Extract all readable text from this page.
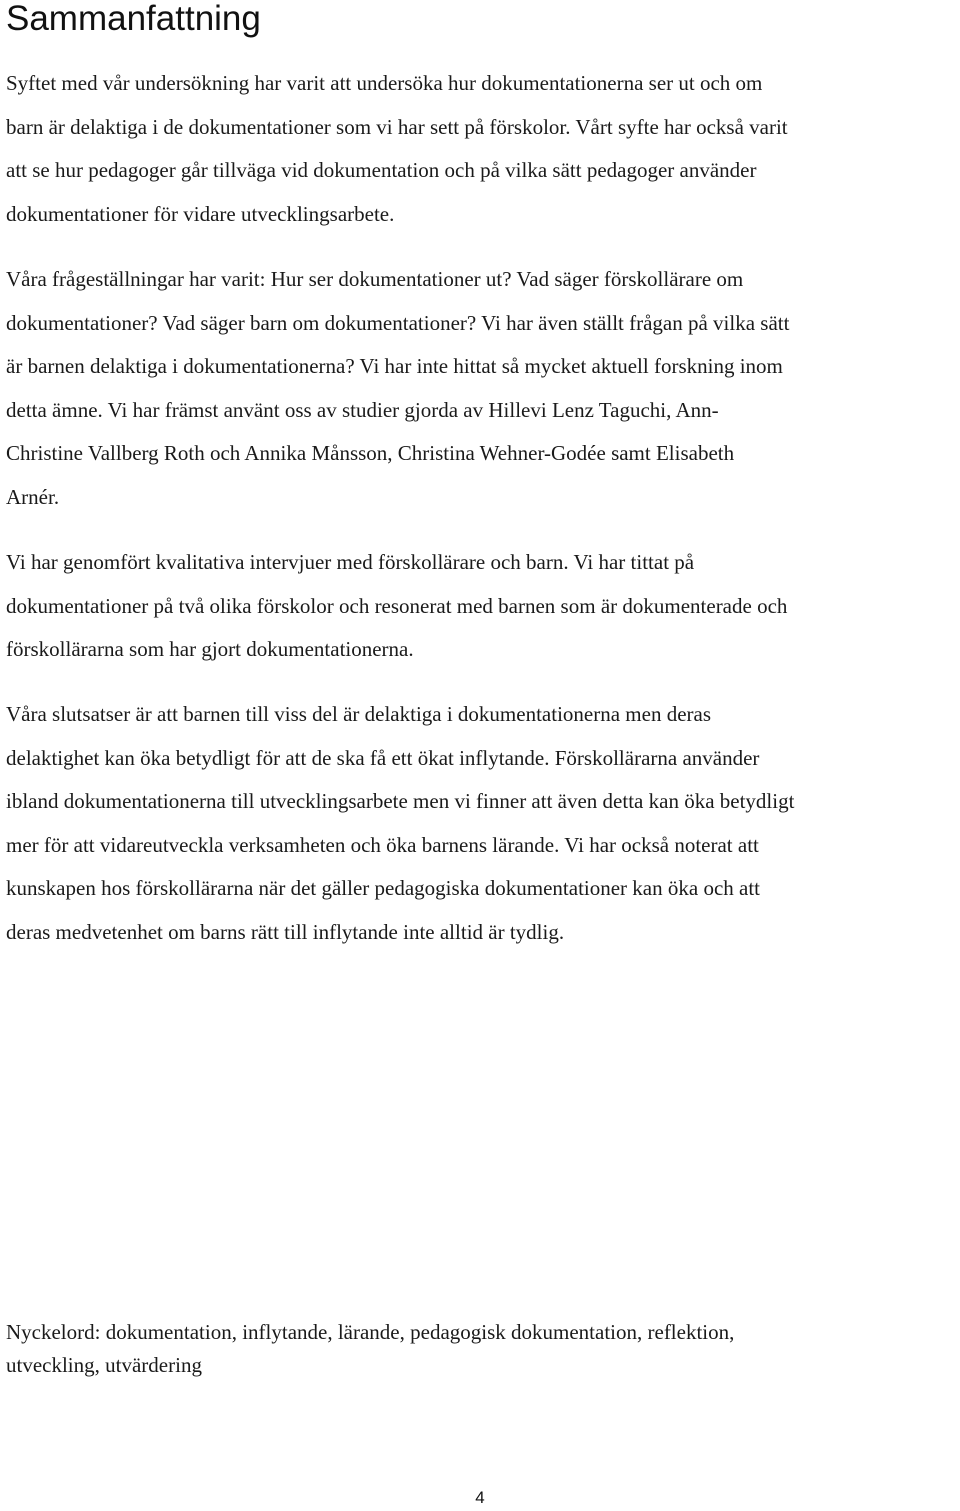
Sammanfattning

Syftet med vår undersökning har varit att undersöka hur dokumentationerna ser ut och om
barn är delaktiga i de dokumentationer som vi har sett på förskolor. Vårt syfte har också varit
att se hur pedagoger går tillväga vid dokumentation och på vilka sätt pedagoger använder
dokumentationer för vidare utvecklingsarbete.

Våra frågeställningar har varit: Hur ser dokumentationer ut? Vad säger förskollärare om
dokumentationer? Vad säger barn om dokumentationer? Vi har även ställt frågan på vilka sätt
är barnen delaktiga i dokumentationerna? Vi har inte hittat så mycket aktuell forskning inom
detta ämne. Vi har främst använt oss av studier gjorda av Hillevi Lenz Taguchi, Ann-
Christine Vallberg Roth och Annika Månsson, Christina Wehner-Godée samt Elisabeth
Arnér.

Vi har genomfört kvalitativa intervjuer med förskollärare och barn. Vi har tittat på
dokumentationer på två olika förskolor och resonerat med barnen som är dokumenterade och
förskollärarna som har gjort dokumentationerna.

Våra slutsatser är att barnen till viss del är delaktiga i dokumentationerna men deras
delaktighet kan öka betydligt för att de ska få ett ökat inflytande. Förskollärarna använder
ibland dokumentationerna till utvecklingsarbete men vi finner att även detta kan öka betydligt
mer för att vidareutveckla verksamheten och öka barnens lärande. Vi har också noterat att
kunskapen hos förskollärarna när det gäller pedagogiska dokumentationer kan öka och att
deras medvetenhet om barns rätt till inflytande inte alltid är tydlig.

Nyckelord: dokumentation, inflytande, lärande, pedagogisk dokumentation, reflektion,
utveckling, utvärdering

4
